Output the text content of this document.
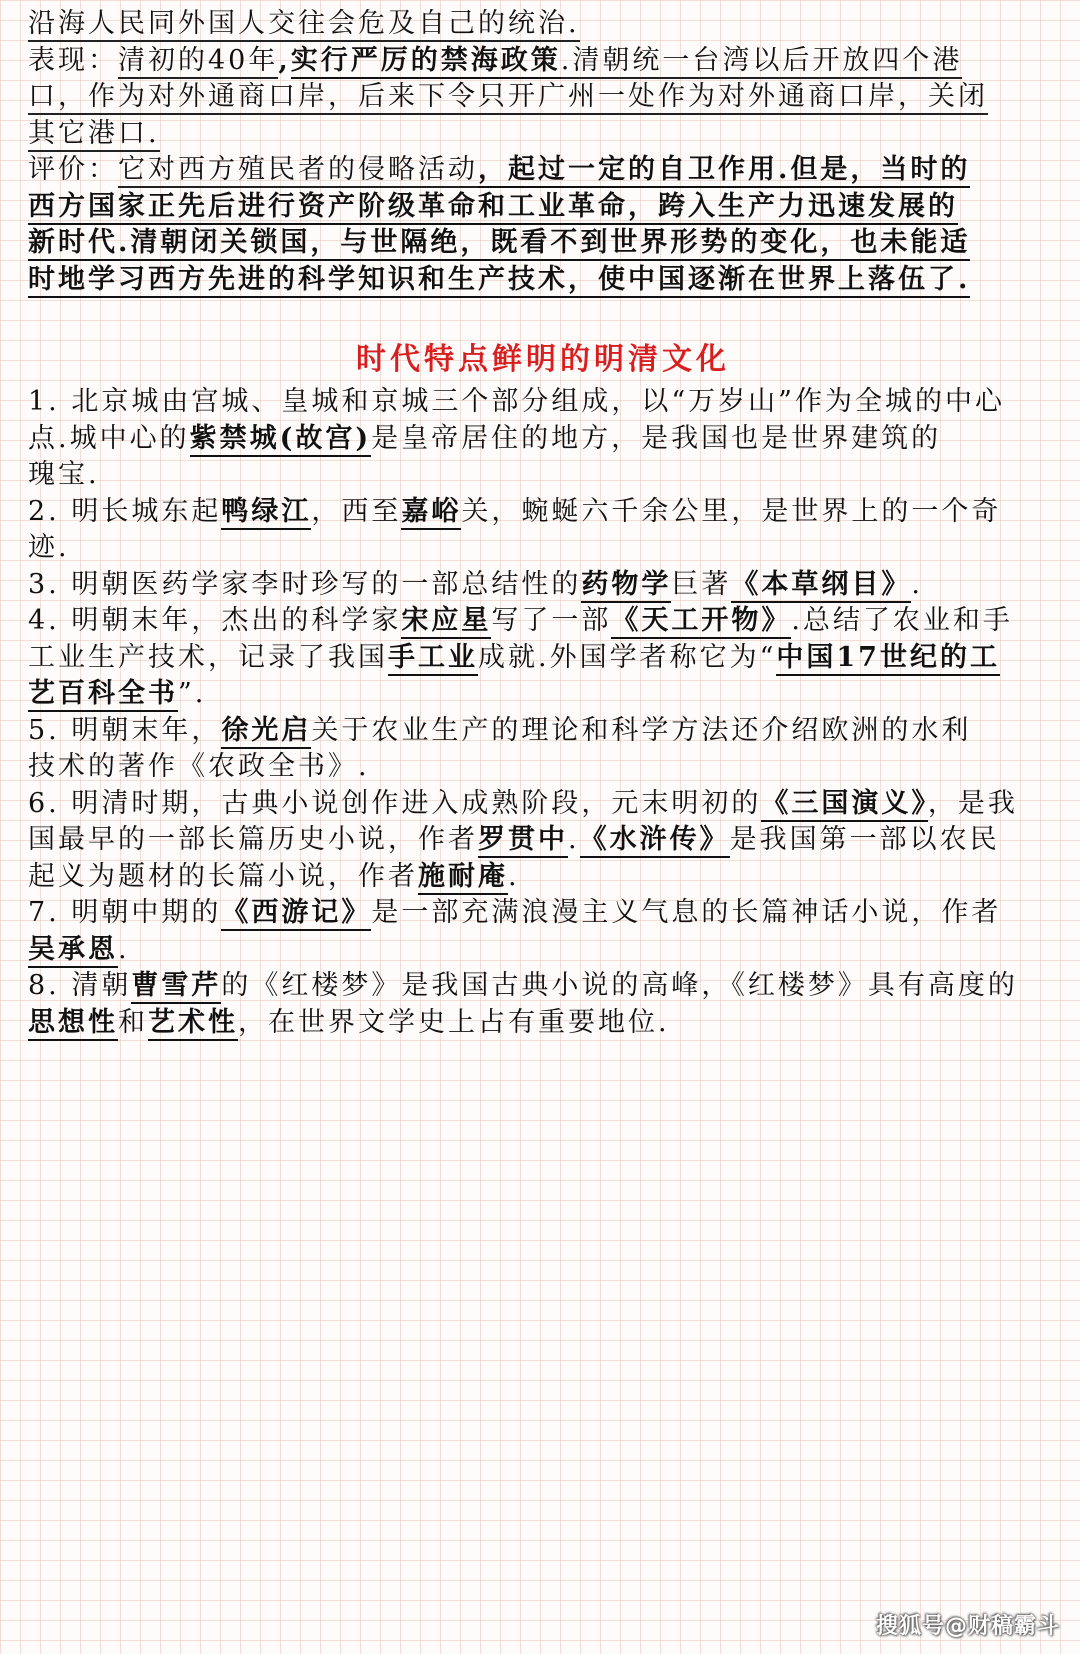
沿海人民同外国人交往会危及自己的统治.
表现：清初的40年,实行严厉的禁海政策.清朝统一台湾以后开放四个港
口，作为对外通商口岸，后来下令只开广州一处作为对外通商口岸，关闭
其它港口.
评价：它对西方殖民者的侵略活动，起过一定的自卫作用.但是，当时的
西方国家正先后进行资产阶级革命和工业革命，跨入生产力迅速发展的
新时代.清朝闭关锁国，与世隔绝，既看不到世界形势的变化，也未能适
时地学习西方先进的科学知识和生产技术，使中国逐渐在世界上落伍了.
时代特点鲜明的明清文化
1. 北京城由宫城、皇城和京城三个部分组成，以“万岁山”作为全城的中心
点.城中心的紫禁城(故宫)是皇帝居住的地方，是我国也是世界建筑的
瑰宝.
2. 明长城东起鸭绿江，西至嘉峪关，蜿蜒六千余公里，是世界上的一个奇
迹.
3. 明朝医药学家李时珍写的一部总结性的药物学巨著《本草纲目》.
4. 明朝末年，杰出的科学家宋应星写了一部《天工开物》.总结了农业和手
工业生产技术，记录了我国手工业成就.外国学者称它为“中国17世纪的工
艺百科全书”.
5. 明朝末年，徐光启关于农业生产的理论和科学方法还介绍欧洲的水利
技术的著作《农政全书》.
6. 明清时期，古典小说创作进入成熟阶段，元末明初的《三国演义》，是我
国最早的一部长篇历史小说，作者罗贯中.《水浒传》是我国第一部以农民
起义为题材的长篇小说，作者施耐庵.
7. 明朝中期的《西游记》是一部充满浪漫主义气息的长篇神话小说，作者
吴承恩.
8. 清朝曹雪芹的《红楼梦》是我国古典小说的高峰，《红楼梦》具有高度的
思想性和艺术性，在世界文学史上占有重要地位.
搜狐号@财稿霸斗
